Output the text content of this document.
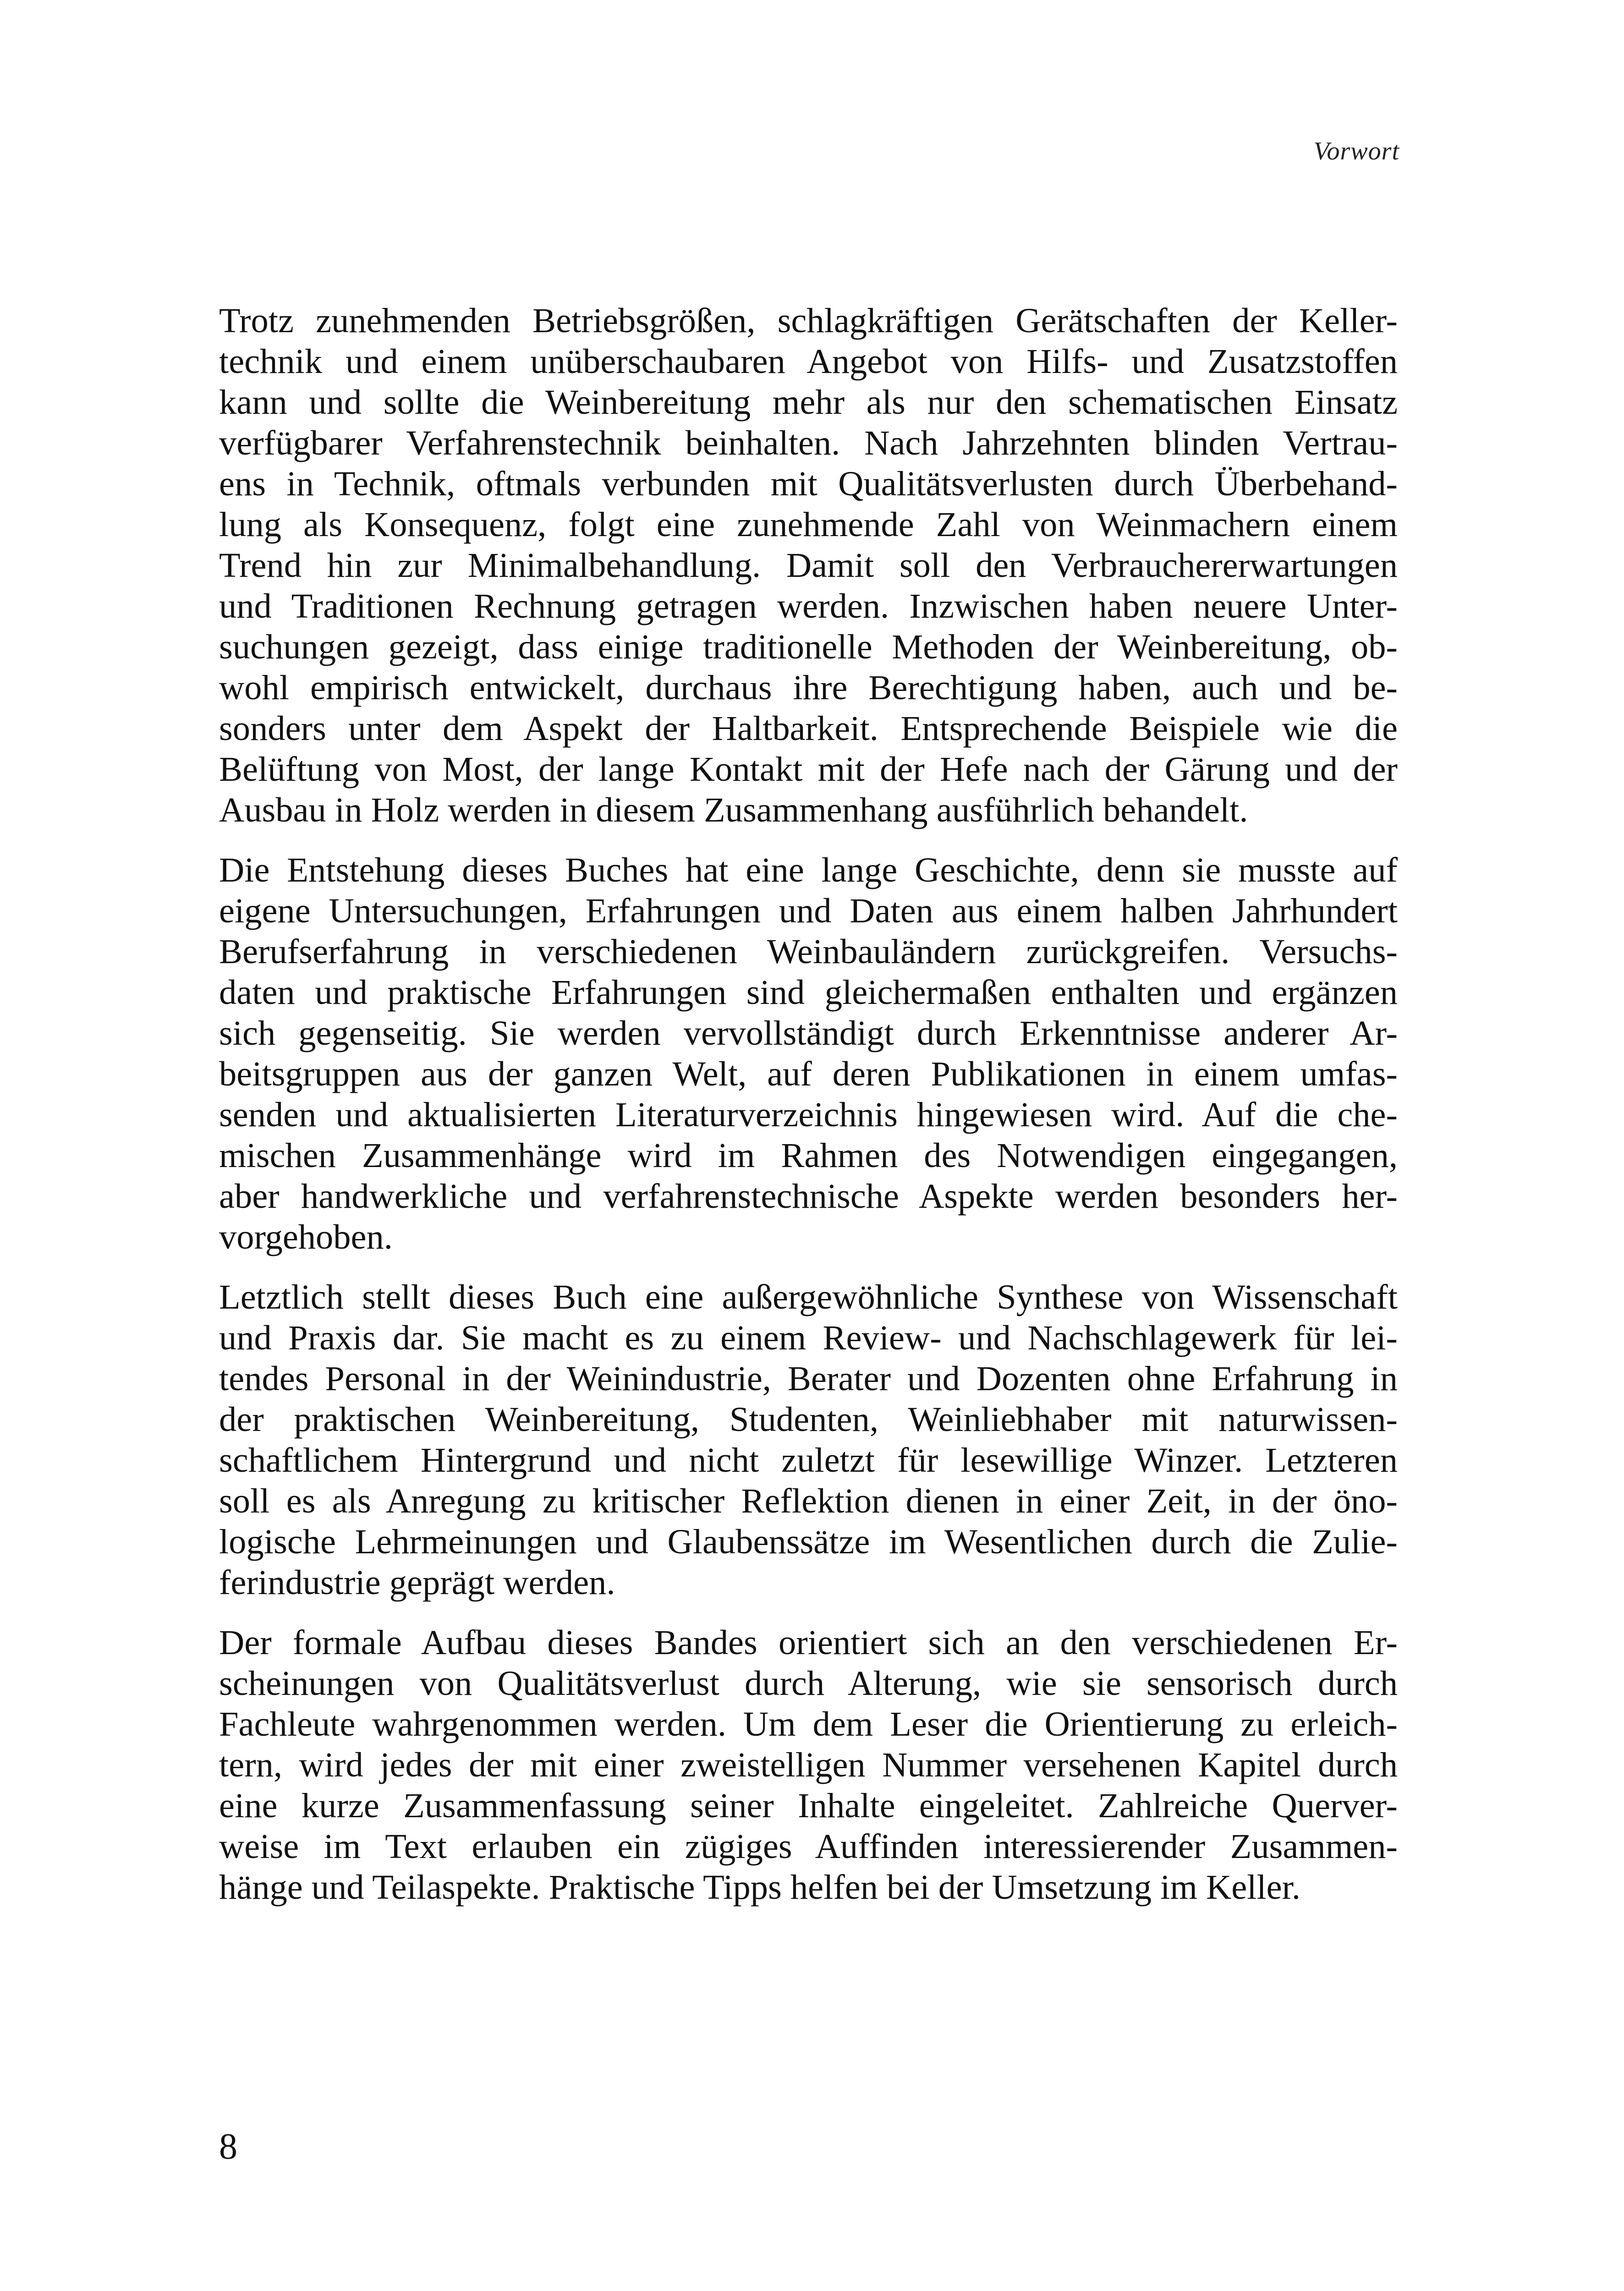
Vorwort

Trotz zunehmenden Betriebsgrößen, schlagkräftigen Gerätschaften der Keller-
technik und einem unüberschaubaren Angebot von Hilfs- und Zusatzstoffen
kann und sollte die Weinbereitung mehr als nur den schematischen Einsatz
verfügbarer Verfahrenstechnik beinhalten. Nach Jahrzehnten blinden Vertrau-
ens in Technik, oftmals verbunden mit Qualitätsverlusten durch Überbehand-
lung als Konsequenz, folgt eine zunehmende Zahl von Weinmachern einem
Trend hin zur Minimalbehandlung. Damit soll den Verbrauchererwartungen
und Traditionen Rechnung getragen werden. Inzwischen haben neuere Unter-
suchungen gezeigt, dass einige traditionelle Methoden der Weinbereitung, ob-
wohl empirisch entwickelt, durchaus ihre Berechtigung haben, auch und be-
sonders unter dem Aspekt der Haltbarkeit. Entsprechende Beispiele wie die
Belüftung von Most, der lange Kontakt mit der Hefe nach der Gärung und der
Ausbau in Holz werden in diesem Zusammenhang ausführlich behandelt.

Die Entstehung dieses Buches hat eine lange Geschichte, denn sie musste auf
eigene Untersuchungen, Erfahrungen und Daten aus einem halben Jahrhundert
Berufserfahrung in verschiedenen Weinbauländern zurückgreifen. Versuchs-
daten und praktische Erfahrungen sind gleichermaßen enthalten und ergänzen
sich gegenseitig. Sie werden vervollständigt durch Erkenntnisse anderer Ar-
beitsgruppen aus der ganzen Welt, auf deren Publikationen in einem umfas-
senden und aktualisierten Literaturverzeichnis hingewiesen wird. Auf die che-
mischen Zusammenhänge wird im Rahmen des Notwendigen eingegangen,
aber handwerkliche und verfahrenstechnische Aspekte werden besonders her-
vorgehoben.

Letztlich stellt dieses Buch eine außergewöhnliche Synthese von Wissenschaft
und Praxis dar. Sie macht es zu einem Review- und Nachschlagewerk für lei-
tendes Personal in der Weinindustrie, Berater und Dozenten ohne Erfahrung in
der praktischen Weinbereitung, Studenten, Weinliebhaber mit naturwissen-
schaftlichem Hintergrund und nicht zuletzt für lesewillige Winzer. Letzteren
soll es als Anregung zu kritischer Reflektion dienen in einer Zeit, in der öno-
logische Lehrmeinungen und Glaubenssätze im Wesentlichen durch die Zulie-
ferindustrie geprägt werden.

Der formale Aufbau dieses Bandes orientiert sich an den verschiedenen Er-
scheinungen von Qualitätsverlust durch Alterung, wie sie sensorisch durch
Fachleute wahrgenommen werden. Um dem Leser die Orientierung zu erleich-
tern, wird jedes der mit einer zweistelligen Nummer versehenen Kapitel durch
eine kurze Zusammenfassung seiner Inhalte eingeleitet. Zahlreiche Querver-
weise im Text erlauben ein zügiges Auffinden interessierender Zusammen-
hänge und Teilaspekte. Praktische Tipps helfen bei der Umsetzung im Keller.

8
